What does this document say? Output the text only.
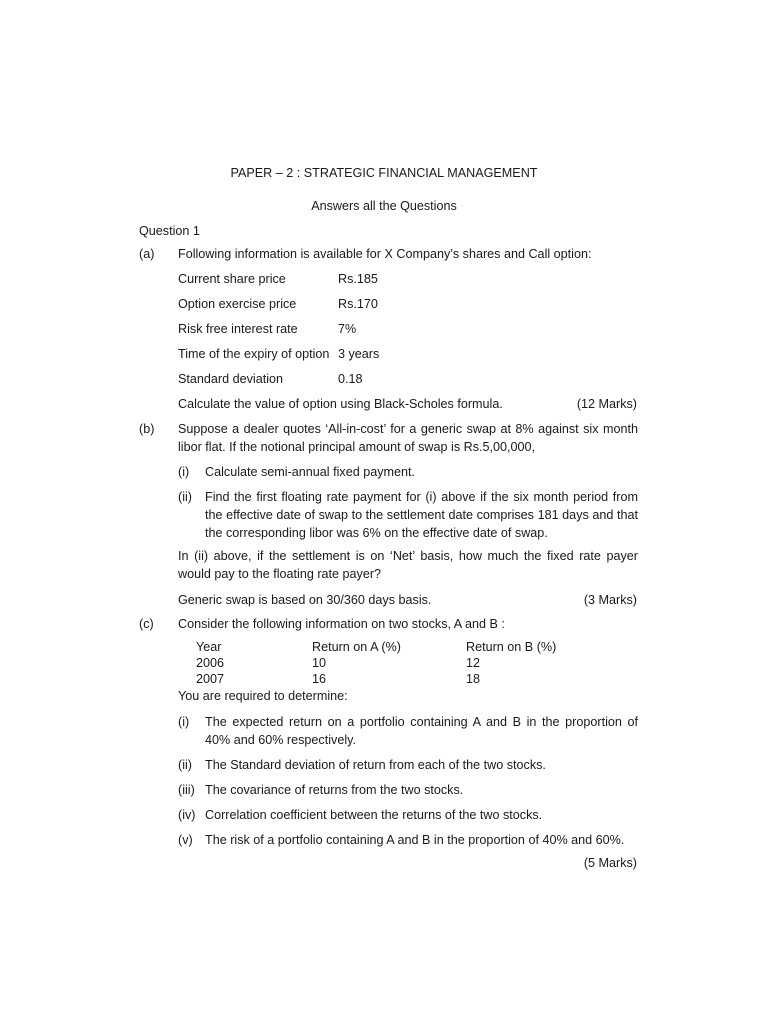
PAPER – 2 : STRATEGIC FINANCIAL MANAGEMENT
Answers all the Questions
Question 1
(a) Following information is available for X Company’s shares and Call option:
Current share price	Rs.185
Option exercise price	Rs.170
Risk free interest rate	7%
Time of the expiry of option 3 years
Standard deviation	0.18
Calculate the value of option using Black-Scholes formula.	(12 Marks)
(b) Suppose a dealer quotes ‘All-in-cost’ for a generic swap at 8% against six month libor flat. If the notional principal amount of swap is Rs.5,00,000,
(i) Calculate semi-annual fixed payment.
(ii) Find the first floating rate payment for (i) above if the six month period from the effective date of swap to the settlement date comprises 181 days and that the corresponding libor was 6% on the effective date of swap.
In (ii) above, if the settlement is on ‘Net’ basis, how much the fixed rate payer would pay to the floating rate payer?
Generic swap is based on 30/360 days basis.	(3 Marks)
(c) Consider the following information on two stocks, A and B :
Year	Return on A (%)	Return on B (%)
2006	10	12
2007	16	18
You are required to determine:
(i) The expected return on a portfolio containing A and B in the proportion of 40% and 60% respectively.
(ii) The Standard deviation of return from each of the two stocks.
(iii) The covariance of returns from the two stocks.
(iv) Correlation coefficient between the returns of the two stocks.
(v) The risk of a portfolio containing A and B in the proportion of 40% and 60%.
(5 Marks)
